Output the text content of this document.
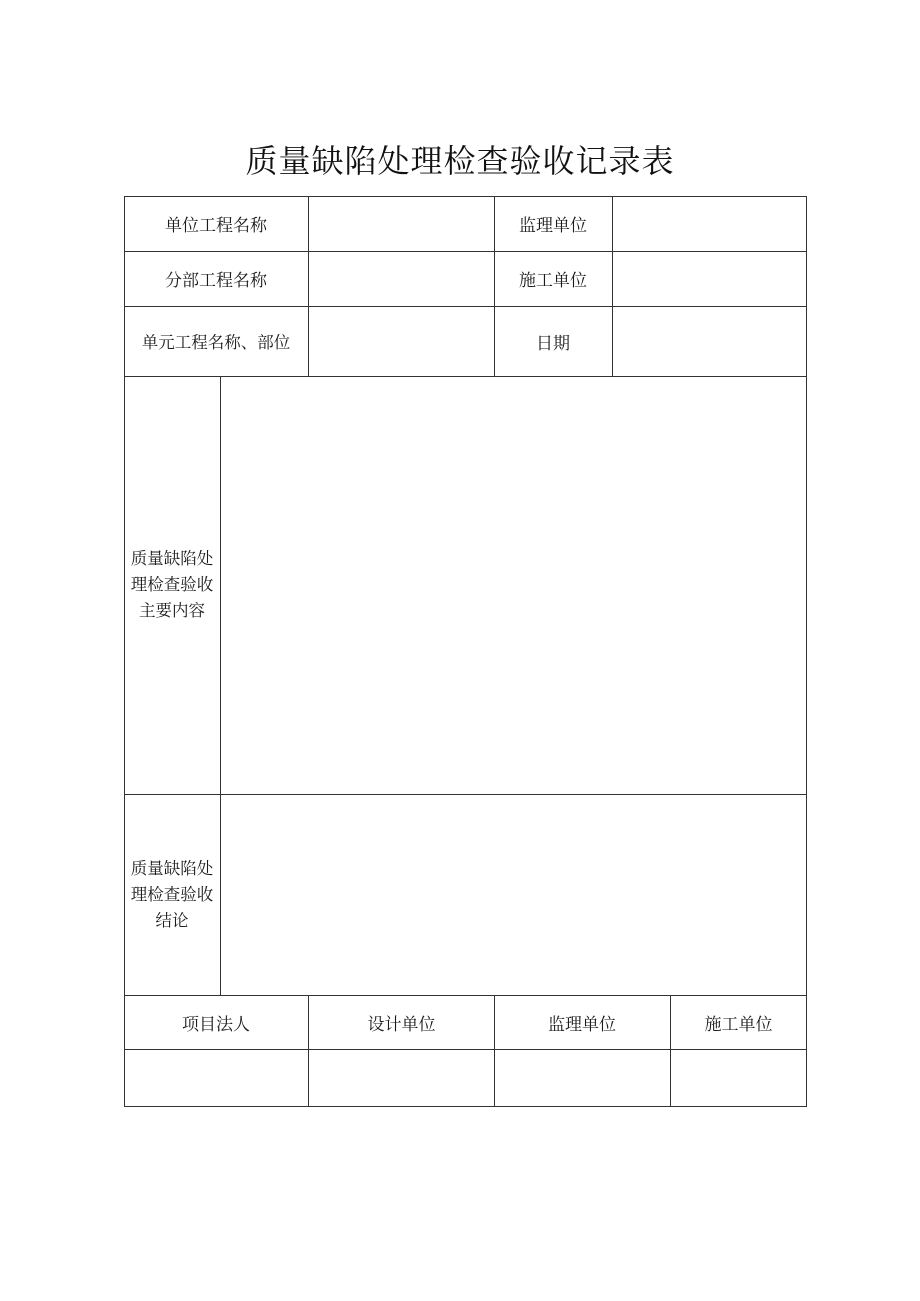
质量缺陷处理检查验收记录表
单位工程名称	监理单位
分部工程名称	施工单位
单元工程名称、部位	日期
质量缺陷处
理检查验收
主要内容
质量缺陷处
理检查验收
结论
项目法人	设计单位	监理单位	施工单位
